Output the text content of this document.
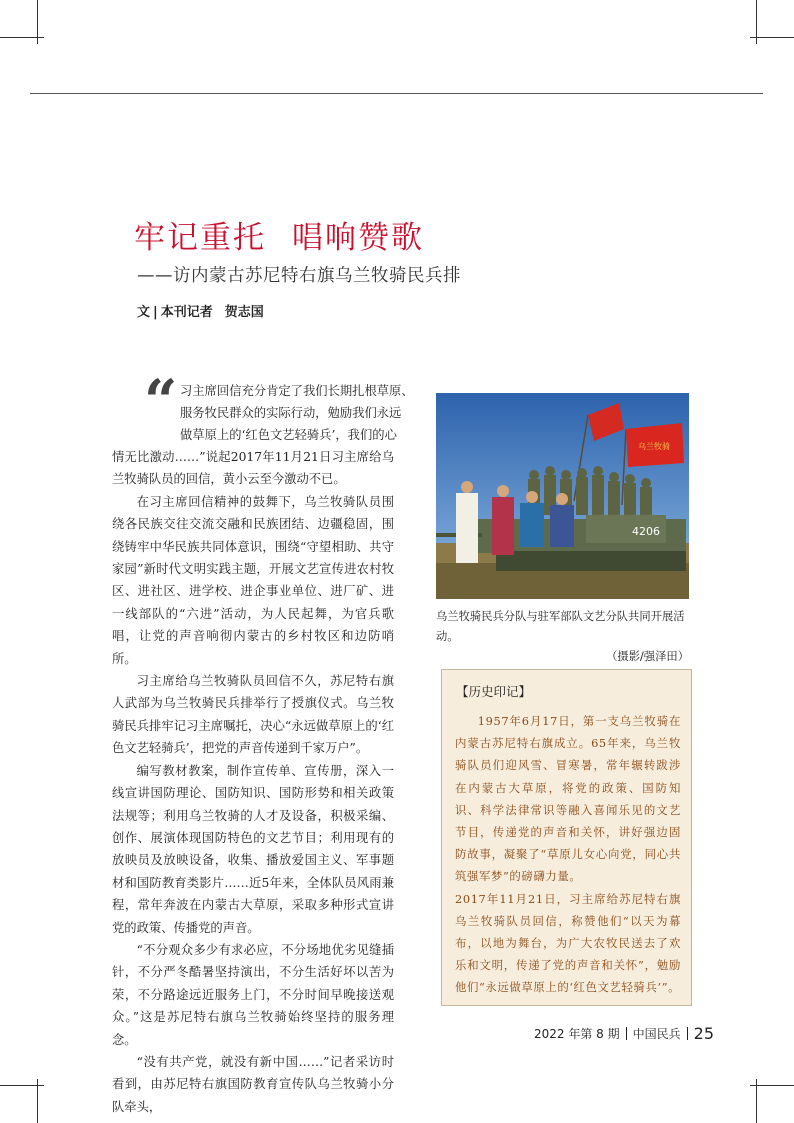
牢记重托 唱响赞歌
——访内蒙古苏尼特右旗乌兰牧骑民兵排
文 | 本刊记者 贺志国
“ 习主席回信充分肯定了我们长期扎根草原、
服务牧民群众的实际行动，勉励我们永远
做草原上的‘红色文艺轻骑兵’，我们的心

情无比激动……”说起2017年11月21日习主席给乌兰牧骑队员的回信，黄小云至今激动不已。

在习主席回信精神的鼓舞下，乌兰牧骑队员围绕各民族交往交流交融和民族团结、边疆稳固，围绕铸牢中华民族共同体意识，围绕“守望相助、共守家园”新时代文明实践主题，开展文艺宣传进农村牧区、进社区、进学校、进企事业单位、进厂矿、进一线部队的“六进”活动，为人民起舞，为官兵歌唱，让党的声音响彻内蒙古的乡村牧区和边防哨所。

习主席给乌兰牧骑队员回信不久，苏尼特右旗人武部为乌兰牧骑民兵排举行了授旗仪式。乌兰牧骑民兵排牢记习主席嘱托，决心“永远做草原上的‘红色文艺轻骑兵’，把党的声音传递到千家万户”。

编写教材教案，制作宣传单、宣传册，深入一线宣讲国防理论、国防知识、国防形势和相关政策法规等；利用乌兰牧骑的人才及设备，积极采编、创作、展演体现国防特色的文艺节目；利用现有的放映员及放映设备，收集、播放爱国主义、军事题材和国防教育类影片……近5年来，全体队员风雨兼程，常年奔波在内蒙古大草原，采取多种形式宣讲党的政策、传播党的声音。

“不分观众多少有求必应，不分场地优劣见缝插针，不分严冬酷暑坚持演出，不分生活好坏以苦为荣，不分路途远近服务上门，不分时间早晚接送观众。”这是苏尼特右旗乌兰牧骑始终坚持的服务理念。

“没有共产党，就没有新中国……”记者采访时看到，由苏尼特右旗国防教育宣传队乌兰牧骑小分队牵头，

乌兰牧骑
4206
乌兰牧骑民兵分队与驻军部队文艺分队共同开展活动。
（摄影/强泽田）
【历史印记】

1957年6月17日，第一支乌兰牧骑在内蒙古苏尼特右旗成立。65年来，乌兰牧骑队员们迎风雪、冒寒暑，常年辗转跋涉在内蒙古大草原，将党的政策、国防知识、科学法律常识等融入喜闻乐见的文艺节目，传递党的声音和关怀，讲好强边固防故事，凝聚了“草原儿女心向党，同心共筑强军梦”的磅礴力量。

2017年11月21日，习主席给苏尼特右旗乌兰牧骑队员回信，称赞他们“以天为幕布，以地为舞台，为广大农牧民送去了欢乐和文明，传递了党的声音和关怀”，勉励他们“永远做草原上的‘红色文艺轻骑兵’”。

2022 年第 8 期 中国民兵 25
